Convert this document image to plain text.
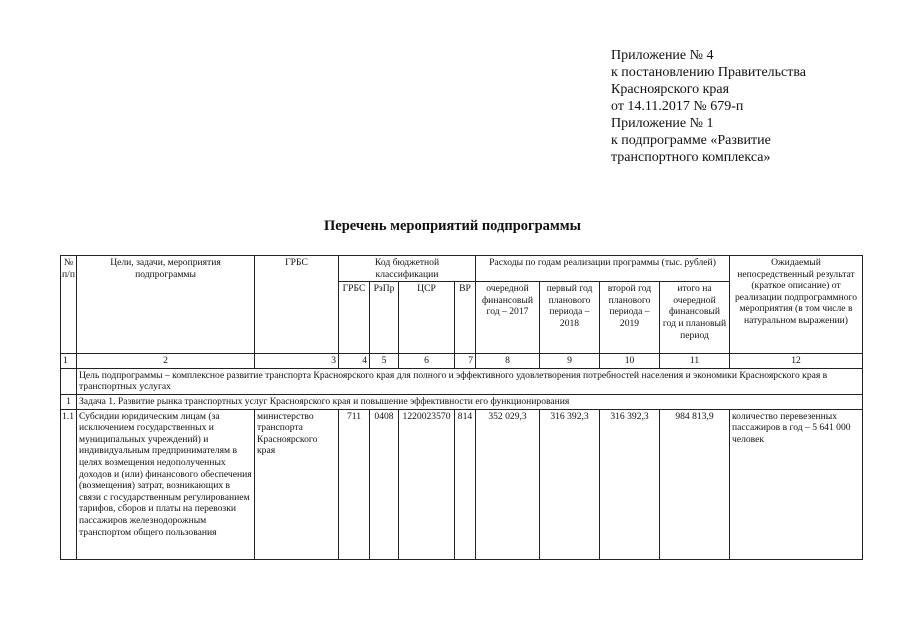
Приложение № 4
к постановлению Правительства
Красноярского края
от 14.11.2017 № 679-п
Приложение № 1
к подпрограмме «Развитие
транспортного комплекса»
Перечень мероприятий подпрограммы
№ п/п	Цели, задачи, мероприятия подпрограммы	ГРБС	Код бюджетной классификации				Расходы по годам реализации программы (тыс. рублей)				Ожидаемый непосредственный результат (краткое описание) от реализации подпрограммного мероприятия (в том числе в натуральном выражении)
			ГРБС	РзПр	ЦСР	ВР	очередной финансовый год – 2017	первый год планового периода – 2018	второй год планового периода – 2019	итого на очередной финансовый год и плановый период	
1	2	3	4	5	6	7	8	9	10	11	12
	Цель подпрограммы – комплексное развитие транспорта Красноярского края для полного и эффективного удовлетворения потребностей населения и экономики Красноярского края в транспортных услугах										
1	Задача 1. Развитие рынка транспортных услуг Красноярского края и повышение эффективности его функционирования										
1.1	Субсидии юридическим лицам (за исключением государственных и муниципальных учреждений) и индивидуальным предпринимателям в целях возмещения недополученных доходов и (или) финансового обеспечения (возмещения) затрат, возникающих в связи с государственным регулированием тарифов, сборов и платы на перевозки пассажиров железнодорожным транспортом общего пользования	министерство транспорта Красноярского края	711	0408	1220023570	814	352 029,3	316 392,3	316 392,3	984 813,9	количество перевезенных пассажиров в год – 5 641 000 человек
